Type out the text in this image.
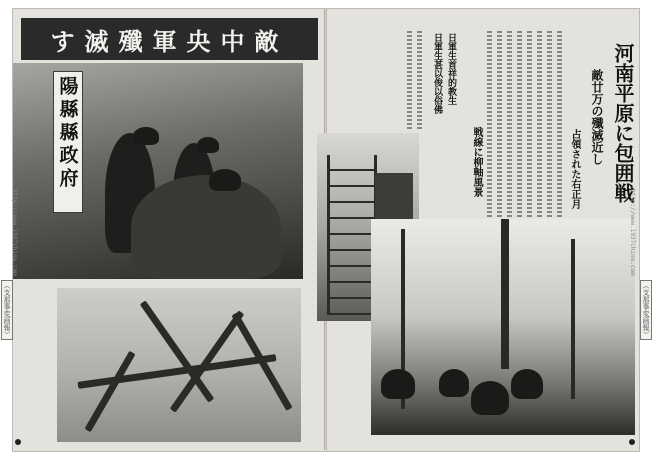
す滅殲軍央中敵
陽縣縣政府
http://www.1937china.com
河南平原に包囲戦
敵廿万の殲滅近し
占領された右正月
戦線に柳軸風景
日軍生首祥的教生
日軍生甚以俊以俗佛
http://www.1937china.com
（支那事変画報）	（支那事変画報）
